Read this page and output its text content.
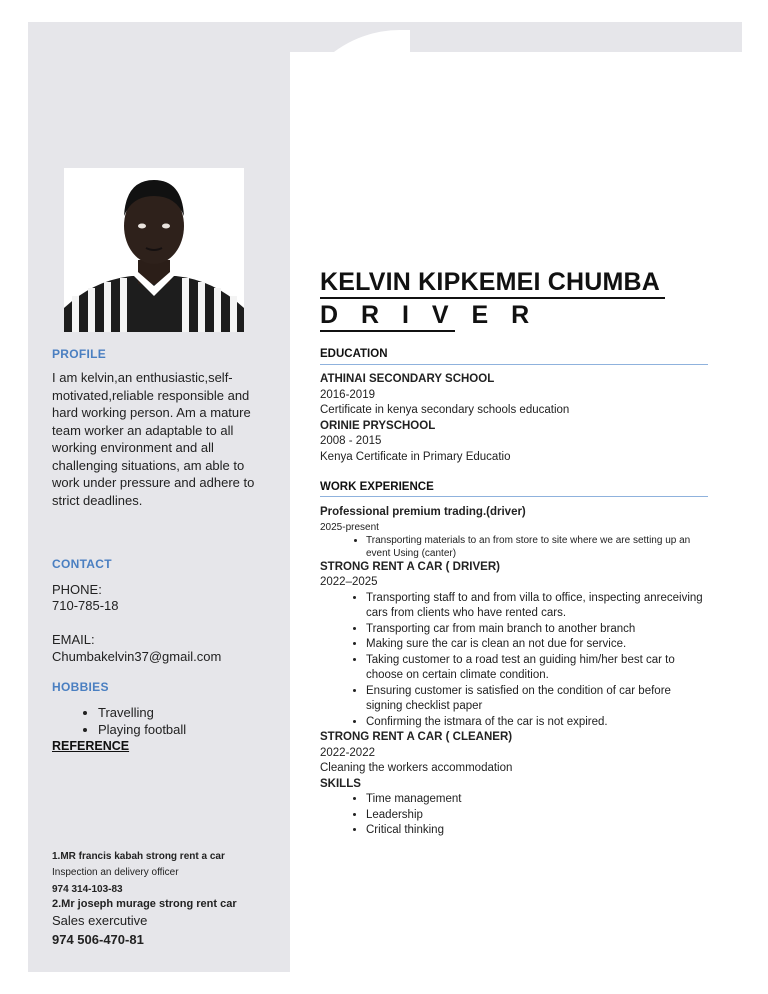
PROFILE
I am kelvin,an enthusiastic,self-motivated,reliable responsible and hard working person. Am a mature team worker an adaptable to all working environment and all challenging situations, am able to work under pressure and adhere to strict deadlines.
CONTACT
PHONE:
710-785-18
EMAIL:
Chumbakelvin37@gmail.com
HOBBIES
• Travelling
• Playing football
REFERENCE
1.MR francis kabah strong rent a car
Inspection an delivery officer
974 314-103-83
2.Mr joseph murage strong rent car
Sales exercutive
974 506-470-81
KELVIN KIPKEMEI CHUMBA
D R I V E R
EDUCATION
ATHINAI SECONDARY SCHOOL
2016-2019
Certificate in kenya secondary schools education
ORINIE PRYSCHOOL
2008 - 2015
Kenya Certificate in Primary Educatio
WORK EXPERIENCE
Professional premium trading.(driver)
2025-present
• Transporting materials to an from store to site where we are setting up an event Using (canter)
STRONG RENT A CAR ( DRIVER)
2022–2025
• Transporting staff to and from villa to office, inspecting anreceiving cars from clients who have rented cars.
• Transporting car from main branch to another branch
• Making sure the car is clean an not due for service.
• Taking customer to a road test an guiding him/her best car to choose on certain climate condition.
• Ensuring customer is satisfied on the condition of car before signing checklist paper
• Confirming the istmara of the car is not expired.
STRONG RENT A CAR ( CLEANER)
2022-2022
Cleaning the workers accommodation
SKILLS
• Time management
• Leadership
• Critical thinking
